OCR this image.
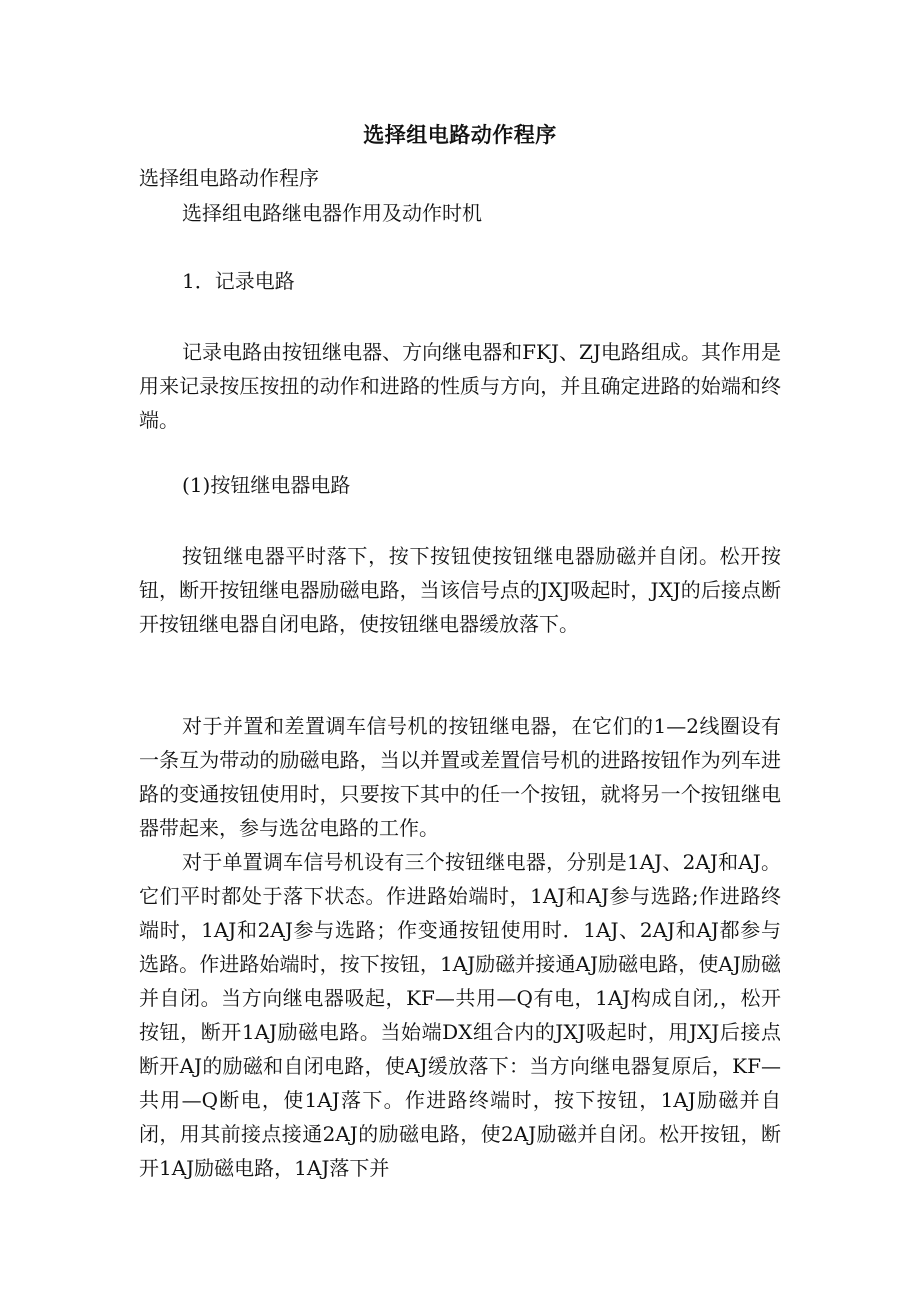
选择组电路动作程序
选择组电路动作程序
选择组电路继电器作用及动作时机
1．记录电路

记录电路由按钮继电器、方向继电器和FKJ、ZJ电路组成。其作用是用来记录按压按扭的动作和进路的性质与方向，并且确定进路的始端和终端。

(1)按钮继电器电路

按钮继电器平时落下，按下按钮使按钮继电器励磁并自闭。松开按钮，断开按钮继电器励磁电路，当该信号点的JXJ吸起时，JXJ的后接点断开按钮继电器自闭电路，使按钮继电器缓放落下。

对于并置和差置调车信号机的按钮继电器，在它们的1—2线圈设有一条互为带动的励磁电路，当以并置或差置信号机的进路按钮作为列车进路的变通按钮使用时，只要按下其中的任一个按钮，就将另一个按钮继电器带起来，参与选岔电路的工作。

对于单置调车信号机设有三个按钮继电器，分别是1AJ、2AJ和AJ。它们平时都处于落下状态。作进路始端时，1AJ和AJ参与选路;作进路终端时，1AJ和2AJ参与选路；作变通按钮使用时．1AJ、2AJ和AJ都参与选路。作进路始端时，按下按钮，1AJ励磁并接通AJ励磁电路，使AJ励磁并自闭。当方向继电器吸起，KF—共用—Q有电，1AJ构成自闭,，松开按钮，断开1AJ励磁电路。当始端DX组合内的JXJ吸起时，用JXJ后接点断开AJ的励磁和自闭电路，使AJ缓放落下：当方向继电器复原后，KF—共用—Q断电，使1AJ落下。作进路终端时，按下按钮，1AJ励磁并自闭，用其前接点接通2AJ的励磁电路，使2AJ励磁并自闭。松开按钮，断开1AJ励磁电路，1AJ落下并
